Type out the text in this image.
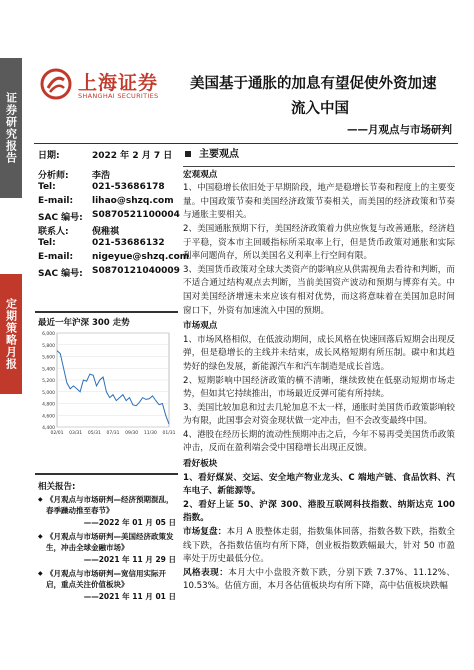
证券研究报告
定期策略月报
上海证券
SHANGHAI SECURITIES
美国基于通胀的加息有望促使外资加速
流入中国
——月观点与市场研判
日期:	2022 年 2 月 7 日
分析师:	李浩
Tel:	021-53686178
E-mail: lihao@shzq.com
SAC 编号: S0870521100004
联系人:	倪稚祺
Tel:	021-53686132
E-mail: nigeyue@shzq.com
SAC 编号: S0870121040009
最近一年沪深 300 走势
6,000
5,800
5,600
5,400
5,200
5,000
4,800
4,600
4,400
02/01 03/31 05/31 07/31 09/30 11/30 01/31
相关报告:
◆ 《月观点与市场研判—经济预期混乱，春季躁动推至春节》
——2022 年 01 月 05 日
◆ 《月观点与市场研判—美国经济政策发生，冲击全球金融市场》
——2021 年 11 月 29 日
◆ 《月观点与市场研判—宽信用实际开启，重点关注价值板块》
——2021 年 11 月 01 日
主要观点
宏观观点

1、中国稳增长依旧处于早期阶段，地产是稳增长节奏和程度上的主要变量。中国政策节奏和美国经济政策节奏相关，而美国的经济政策和节奏与通胀主要相关。

2、美国通胀预期下行，美国经济政策着力供应恢复与改善通胀，经济趋于平稳，资本市主回暖指标所采取率上行，但是货币政策对通胀和实际利率问题尚存，所以美国名义利率上行空间有限。

3、美国货币政策对全球大类资产的影响应从供需视角去看待和判断，而不适合通过结构观点去判断，当前美国资产波动和预期与博弈有关。中国对美国经济增速未来应该有相对优势，而这将意味着在美国加息时间窗口下，外资有加速流入中国的预期。

市场观点

1、市场风格相似，在低波动期间，成长风格在快速回落后短期会出现反弹，但是稳增长的主线并未结束，成长风格短期有所压制。碳中和其趋势好的绿色发展，新能源汽车和汽车制造是成长首选。

2、短期影响中国经济政策的横不清晰，继续致使在低驱动短期市场走势，但如其它持续推出，市场最近反弹可能有所持续。

3、美国比较加息和过去几轮加息不太一样，通胀时美国货币政策影响较为有限，此国事会对资金现状做一定冲击，但不会改变最终中国。

4、港股在经历长期的流动性预期冲击之后，今年不易再受美国货币政策冲击，反而在盈利端会受中国稳增长出现正反馈。

看好板块

1、看好煤炭、交运、安全地产物业龙头、C 端地产链、食品饮料、汽车电子、新能源等。

2、看好上证 50、沪深 300、港股互联网科技指数、纳斯达克 100 指数。

市场复盘：本月 A 股整体走弱，指数集体回落，指数各数下跌，指数全线下跌，各指数估值均有所下降，创业板指数跌幅最大，针对 50 市盈率处于历史最低分位。

风格表现：本月大中小盘股齐数下跌，分别下跌 7.37%、11.12%、10.53%。估值方面，本月各估值板块均有所下降，高中估值板块跌幅
